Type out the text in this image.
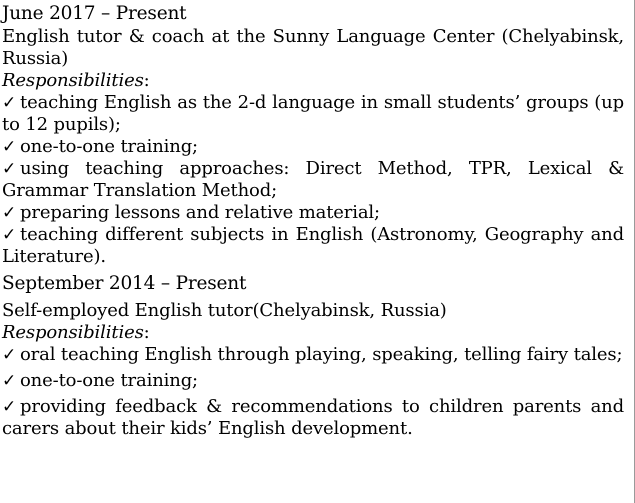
June 2017 – Present

English tutor & coach at the Sunny Language Center (Chelyabinsk, Russia)

Responsibilities:

✓ teaching English as the 2-d language in small students’ groups (up to 12 pupils);

✓ one-to-one training;

✓ using teaching approaches: Direct Method, TPR, Lexical & Grammar Translation Method;

✓ preparing lessons and relative material;

✓ teaching different subjects in English (Astronomy, Geography and Literature).

September 2014 – Present

Self-employed English tutor(Chelyabinsk, Russia)

Responsibilities:

✓ oral teaching English through playing, speaking, telling fairy tales;

✓ one-to-one training;

✓ providing feedback & recommendations to children parents and carers about their kids’ English development.
